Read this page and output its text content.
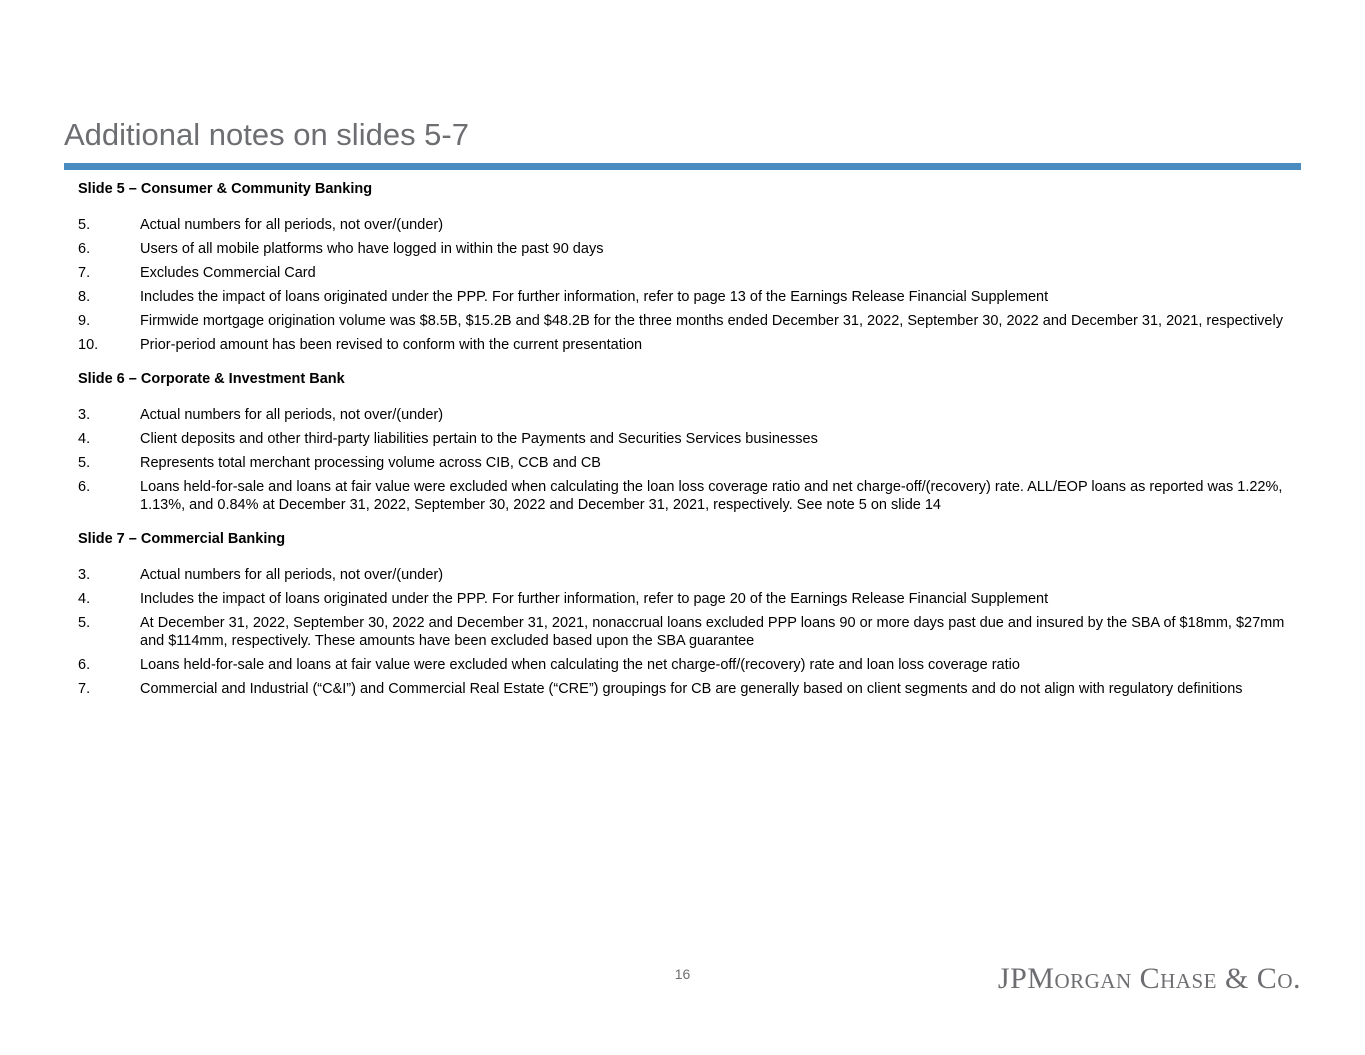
Additional notes on slides 5-7
Slide 5 – Consumer & Community Banking
5.	Actual numbers for all periods, not over/(under)
6.	Users of all mobile platforms who have logged in within the past 90 days
7.	Excludes Commercial Card
8.	Includes the impact of loans originated under the PPP. For further information, refer to page 13 of the Earnings Release Financial Supplement
9.	Firmwide mortgage origination volume was $8.5B, $15.2B and $48.2B for the three months ended December 31, 2022, September 30, 2022 and December 31, 2021, respectively
10.	Prior-period amount has been revised to conform with the current presentation
Slide 6 – Corporate & Investment Bank
3.	Actual numbers for all periods, not over/(under)
4.	Client deposits and other third-party liabilities pertain to the Payments and Securities Services businesses
5.	Represents total merchant processing volume across CIB, CCB and CB
6.	Loans held-for-sale and loans at fair value were excluded when calculating the loan loss coverage ratio and net charge-off/(recovery) rate. ALL/EOP loans as reported was 1.22%, 1.13%, and 0.84% at December 31, 2022, September 30, 2022 and December 31, 2021, respectively. See note 5 on slide 14
Slide 7 – Commercial Banking
3.	Actual numbers for all periods, not over/(under)
4.	Includes the impact of loans originated under the PPP. For further information, refer to page 20 of the Earnings Release Financial Supplement
5.	At December 31, 2022, September 30, 2022 and December 31, 2021, nonaccrual loans excluded PPP loans 90 or more days past due and insured by the SBA of $18mm, $27mm and $114mm, respectively. These amounts have been excluded based upon the SBA guarantee
6.	Loans held-for-sale and loans at fair value were excluded when calculating the net charge-off/(recovery) rate and loan loss coverage ratio
7.	Commercial and Industrial (“C&I”) and Commercial Real Estate (“CRE”) groupings for CB are generally based on client segments and do not align with regulatory definitions
16	JPMORGAN CHASE & CO.
